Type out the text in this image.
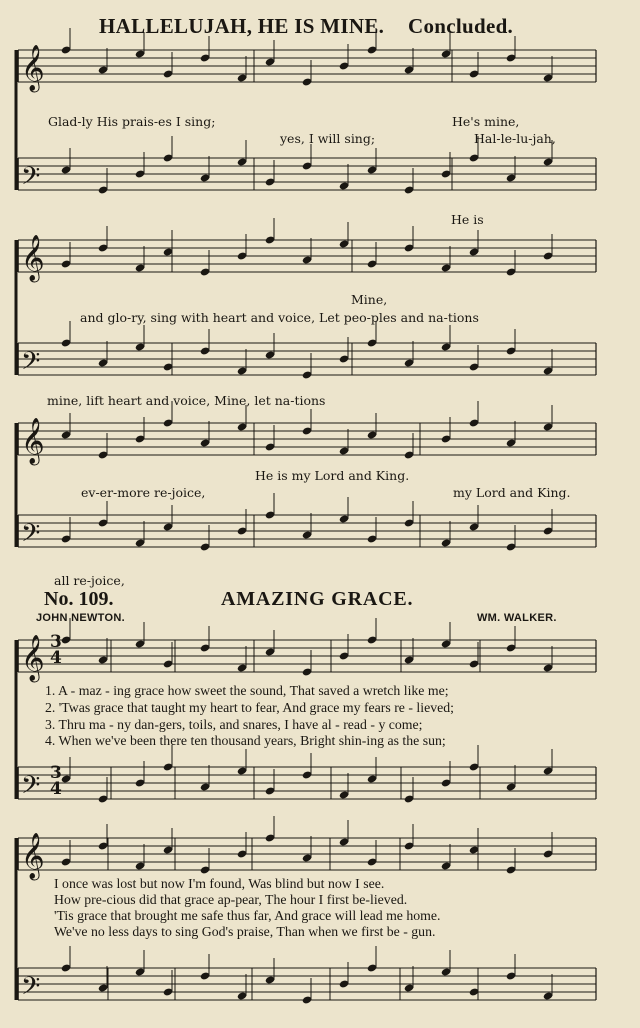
𝄞
𝄢
𝄞
𝄢
𝄞
𝄢
𝄞
𝄢
𝄞
𝄢
HALLELUJAH, HE IS MINE. Concluded.
Glad-ly His prais-es I sing;	He's mine,
yes, I will sing;	Hal-le-lu-jah,
He is
Mine,
and glo-ry, sing with heart and voice, Let peo-ples and na-tions
mine, lift heart and voice, Mine, let na-tions
He is my Lord and King.
ev-er-more re-joice,	my Lord and King.
all re-joice,
No. 109.	AMAZING GRACE.
JOHN NEWTON.	WM. WALKER.
1. A - maz - ing grace how sweet the sound, That saved a wretch like me;
2. 'Twas grace that taught my heart to fear, And grace my fears re - lieved;
3. Thru ma - ny dan-gers, toils, and snares, I have al - read - y come;
4. When we've been there ten thousand years, Bright shin-ing as the sun;
I once was lost but now I'm found, Was blind but now I see.
How pre-cious did that grace ap-pear, The hour I first be-lieved.
'Tis grace that brought me safe thus far, And grace will lead me home.
We've no less days to sing God's praise, Than when we first be - gun.
3
4
3
4
